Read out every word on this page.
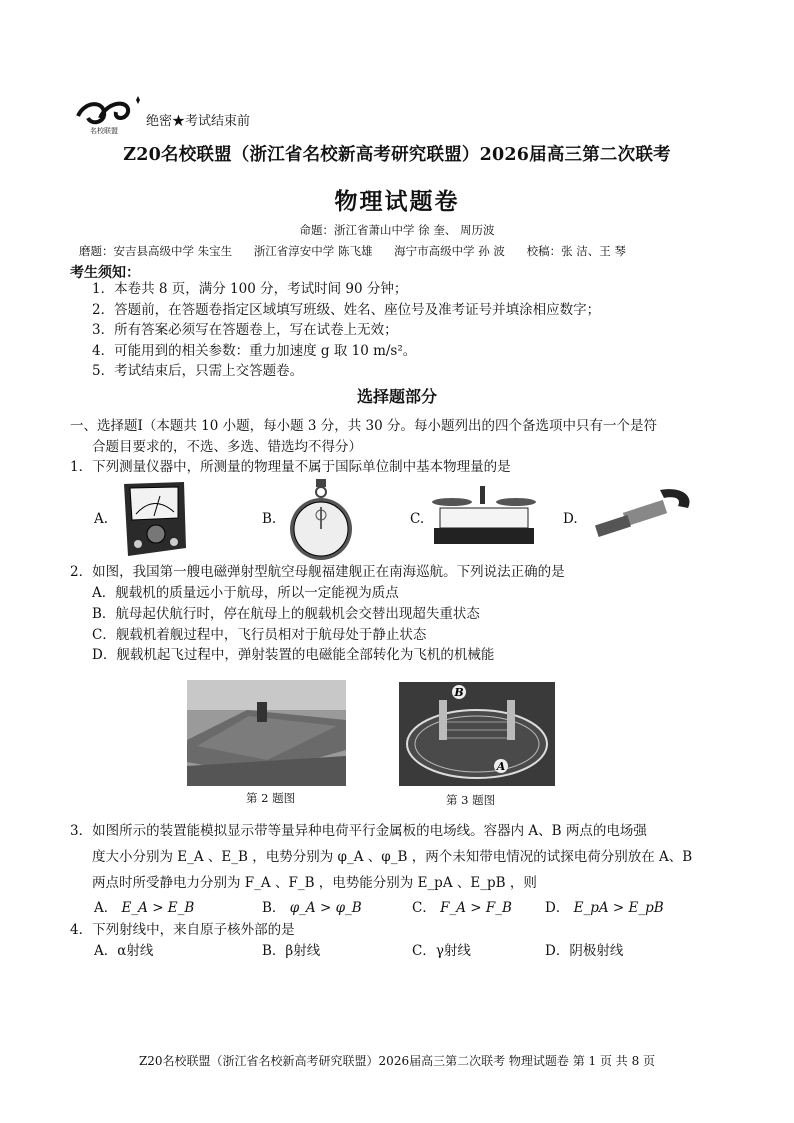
名校联盟
绝密★考试结束前
Z20名校联盟（浙江省名校新高考研究联盟）2026届高三第二次联考
物理试题卷
命题：浙江省萧山中学 徐 奎、 周历波
磨题：安吉县高级中学 朱宝生 浙江省淳安中学 陈飞雄 海宁市高级中学 孙 波 校稿：张 洁、王 琴
考生须知：
1．本卷共 8 页，满分 100 分，考试时间 90 分钟；
2．答题前，在答题卷指定区域填写班级、姓名、座位号及准考证号并填涂相应数字；
3．所有答案必须写在答题卷上，写在试卷上无效；
4．可能用到的相关参数：重力加速度 g 取 10 m/s²。
5．考试结束后，只需上交答题卷。
选择题部分
一、选择题Ⅰ（本题共 10 小题，每小题 3 分，共 30 分。每小题列出的四个备选项中只有一个是符
合题目要求的，不选、多选、错选均不得分）
1．下列测量仪器中，所测量的物理量不属于国际单位制中基本物理量的是
A.	B.	C.	D.
2．如图，我国第一艘电磁弹射型航空母舰福建舰正在南海巡航。下列说法正确的是
A．舰载机的质量远小于航母，所以一定能视为质点
B．航母起伏航行时，停在航母上的舰载机会交替出现超失重状态
C．舰载机着舰过程中，飞行员相对于航母处于静止状态
D．舰载机起飞过程中，弹射装置的电磁能全部转化为飞机的机械能
第 2 题图
B
A
第 3 题图
3．如图所示的装置能模拟显示带等量异种电荷平行金属板的电场线。容器内 A、B 两点的电场强
度大小分别为 E_A 、E_B ，电势分别为 φ_A 、φ_B ，两个未知带电情况的试探电荷分别放在 A、B
两点时所受静电力分别为 F_A 、F_B ，电势能分别为 E_pA 、E_pB ，则
A． E_A > E_B	B． φ_A > φ_B	C． F_A > F_B D． E_pA > E_pB
4．下列射线中，来自原子核外部的是
A．α射线	B．β射线	C．γ射线	D．阴极射线
Z20名校联盟（浙江省名校新高考研究联盟）2026届高三第二次联考 物理试题卷 第 1 页 共 8 页
